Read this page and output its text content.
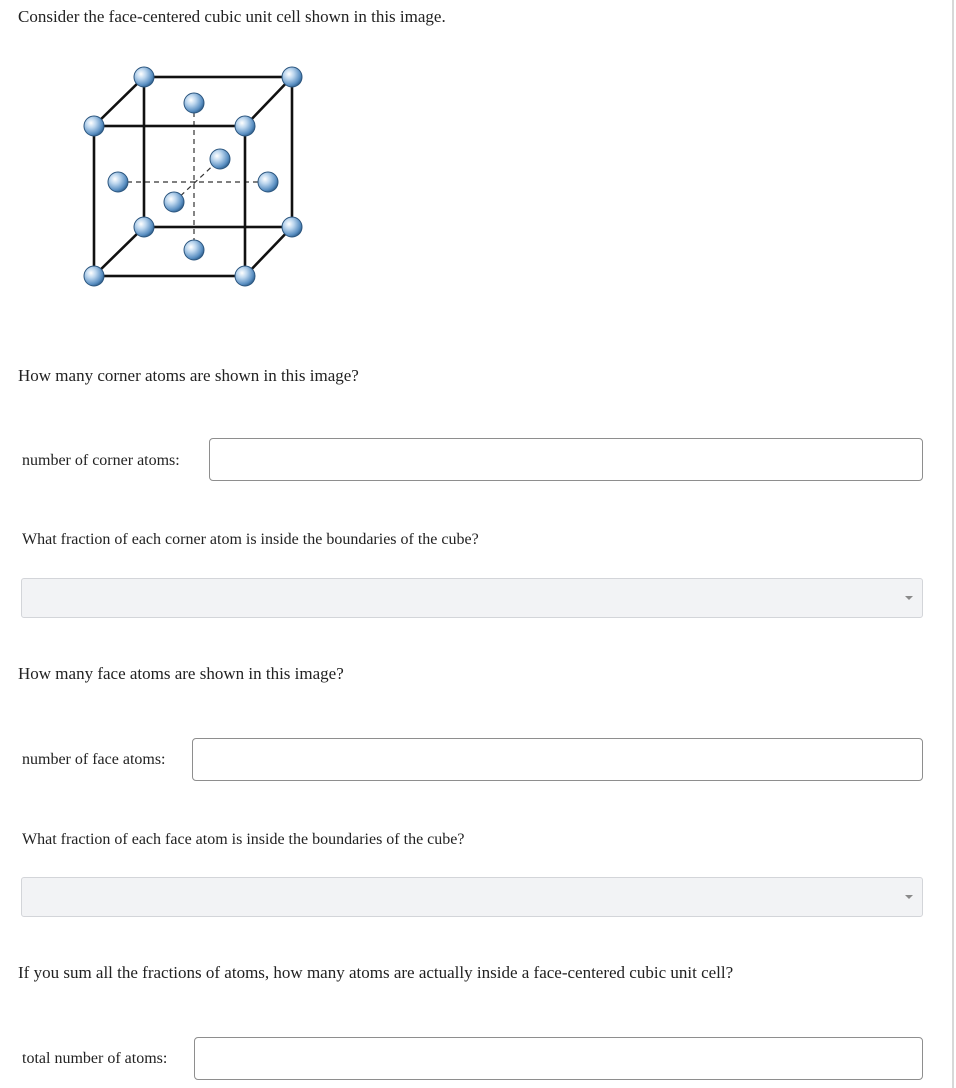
Consider the face-centered cubic unit cell shown in this image.
How many corner atoms are shown in this image?
number of corner atoms:
What fraction of each corner atom is inside the boundaries of the cube?
How many face atoms are shown in this image?
number of face atoms:
What fraction of each face atom is inside the boundaries of the cube?
If you sum all the fractions of atoms, how many atoms are actually inside a face-centered cubic unit cell?
total number of atoms:
